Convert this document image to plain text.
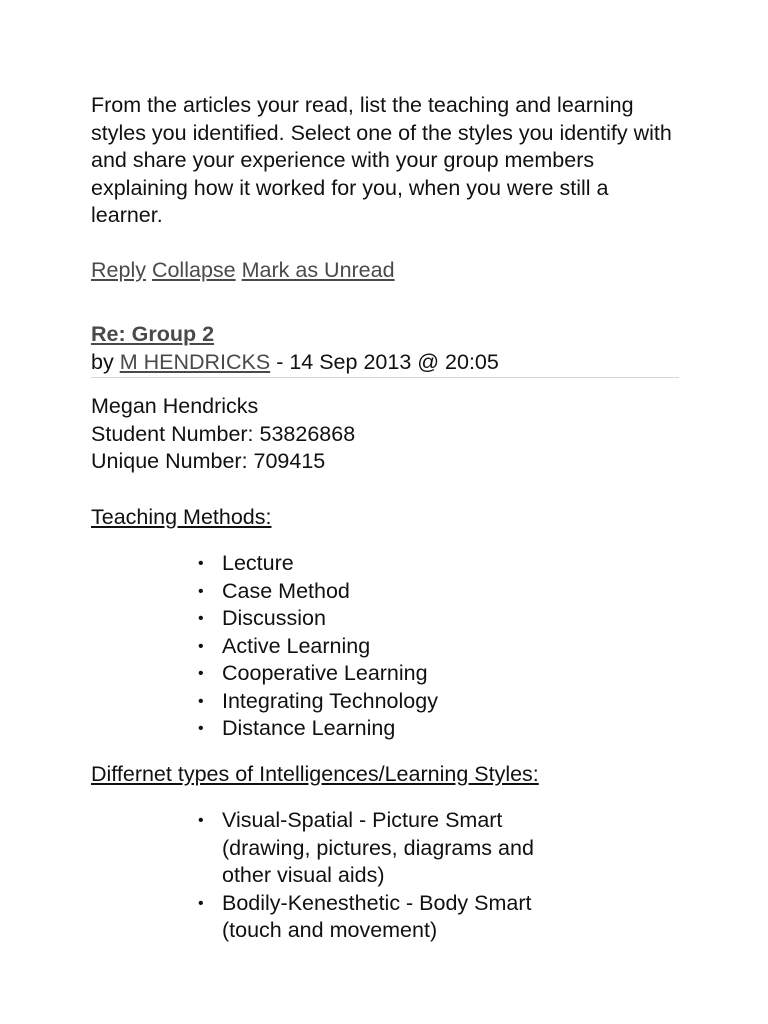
From the articles your read, list the teaching and learning styles you identified. Select one of the styles you identify with and share your experience with your group members explaining how it worked for you, when you were still a learner.

Reply Collapse Mark as Unread
Re: Group 2
by M HENDRICKS - 14 Sep 2013 @ 20:05
Megan Hendricks
Student Number: 53826868
Unique Number: 709415
Teaching Methods:
• Lecture
• Case Method
• Discussion
• Active Learning
• Cooperative Learning
• Integrating Technology
• Distance Learning
Differnet types of Intelligences/Learning Styles:
• Visual-Spatial - Picture Smart (drawing, pictures, diagrams and other visual aids)
• Bodily-Kenesthetic - Body Smart (touch and movement)
